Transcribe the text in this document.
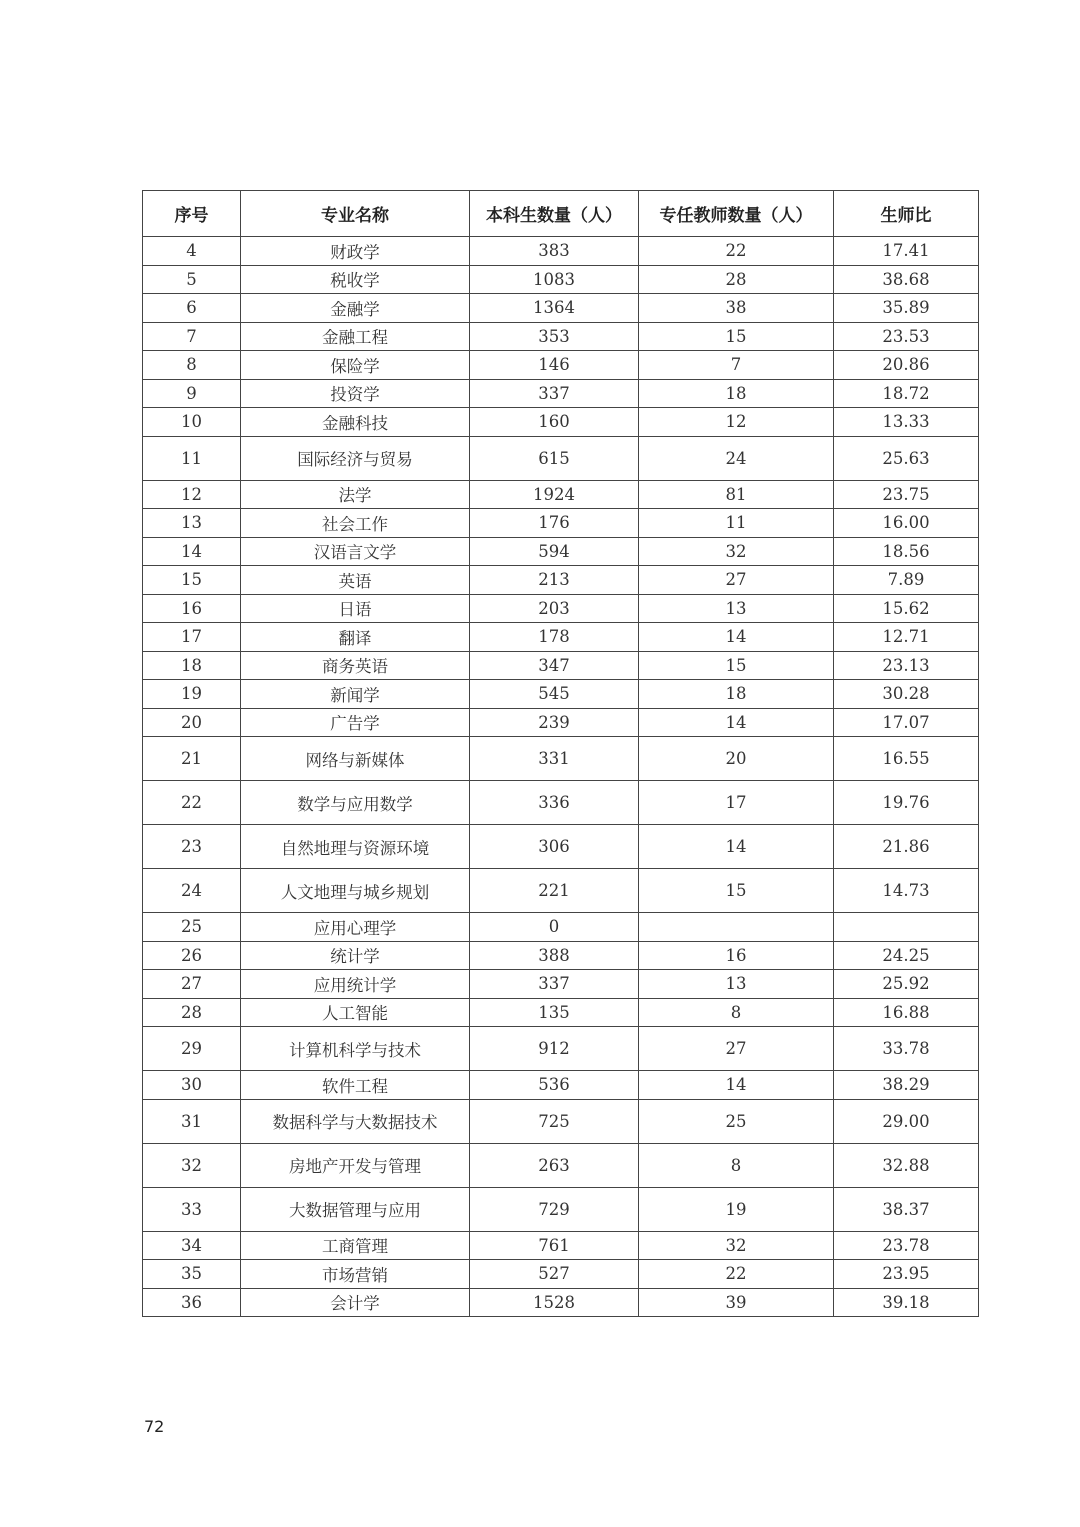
序号	专业名称	本科生数量（人）	专任教师数量（人）	生师比
4	财政学	383	22	17.41
5	税收学	1083	28	38.68
6	金融学	1364	38	35.89
7	金融工程	353	15	23.53
8	保险学	146	7	20.86
9	投资学	337	18	18.72
10	金融科技	160	12	13.33
11	国际经济与贸易	615	24	25.63
12	法学	1924	81	23.75
13	社会工作	176	11	16.00
14	汉语言文学	594	32	18.56
15	英语	213	27	7.89
16	日语	203	13	15.62
17	翻译	178	14	12.71
18	商务英语	347	15	23.13
19	新闻学	545	18	30.28
20	广告学	239	14	17.07
21	网络与新媒体	331	20	16.55
22	数学与应用数学	336	17	19.76
23	自然地理与资源环境	306	14	21.86
24	人文地理与城乡规划	221	15	14.73
25	应用心理学	0		
26	统计学	388	16	24.25
27	应用统计学	337	13	25.92
28	人工智能	135	8	16.88
29	计算机科学与技术	912	27	33.78
30	软件工程	536	14	38.29
31	数据科学与大数据技术	725	25	29.00
32	房地产开发与管理	263	8	32.88
33	大数据管理与应用	729	19	38.37
34	工商管理	761	32	23.78
35	市场营销	527	22	23.95
36	会计学	1528	39	39.18
72
